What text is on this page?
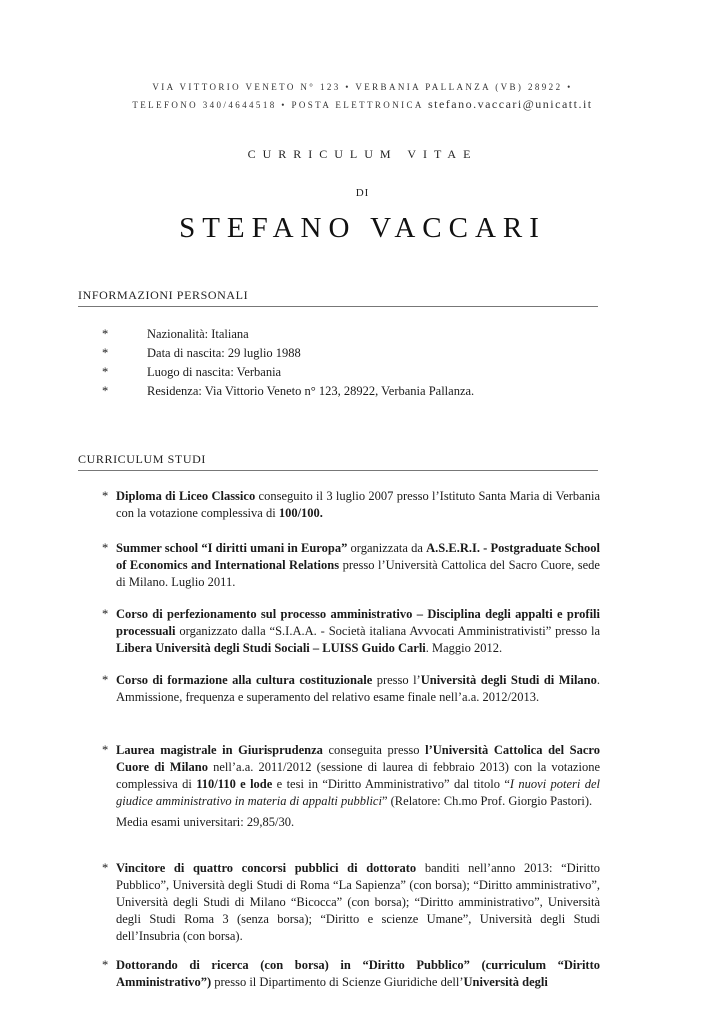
VIA VITTORIO VENETO N° 123 • VERBANIA PALLANZA (VB) 28922 •
TELEFONO 340/4644518 • POSTA ELETTRONICA stefano.vaccari@unicatt.it
CURRICULUM VITAE
DI
STEFANO VACCARI
INFORMAZIONI PERSONALI
*	Nazionalità: Italiana
*	Data di nascita: 29 luglio 1988
*	Luogo di nascita: Verbania
*	Residenza: Via Vittorio Veneto n° 123, 28922, Verbania Pallanza.
CURRICULUM STUDI
* Diploma di Liceo Classico conseguito il 3 luglio 2007 presso l’Istituto Santa Maria di Verbania con la votazione complessiva di 100/100.

* Summer school “I diritti umani in Europa” organizzata da A.S.E.R.I. - Postgraduate School of Economics and International Relations presso l’Università Cattolica del Sacro Cuore, sede di Milano. Luglio 2011.

* Corso di perfezionamento sul processo amministrativo – Disciplina degli appalti e profili processuali organizzato dalla “S.I.A.A. - Società italiana Avvocati Amministrativisti” presso la Libera Università degli Studi Sociali – LUISS Guido Carli. Maggio 2012.

* Corso di formazione alla cultura costituzionale presso l’Università degli Studi di Milano. Ammissione, frequenza e superamento del relativo esame finale nell’a.a. 2012/2013.

* Laurea magistrale in Giurisprudenza conseguita presso l’Università Cattolica del Sacro Cuore di Milano nell’a.a. 2011/2012 (sessione di laurea di febbraio 2013) con la votazione complessiva di 110/110 e lode e tesi in “Diritto Amministrativo” dal titolo “I nuovi poteri del giudice amministrativo in materia di appalti pubblici” (Relatore: Ch.mo Prof. Giorgio Pastori).

Media esami universitari: 29,85/30.

* Vincitore di quattro concorsi pubblici di dottorato banditi nell’anno 2013: “Diritto Pubblico”, Università degli Studi di Roma “La Sapienza” (con borsa); “Diritto amministrativo”, Università degli Studi di Milano “Bicocca” (con borsa); “Diritto amministrativo”, Università degli Studi Roma 3 (senza borsa); “Diritto e scienze Umane”, Università degli Studi dell’Insubria (con borsa).

* Dottorando di ricerca (con borsa) in “Diritto Pubblico” (curriculum “Diritto Amministrativo”) presso il Dipartimento di Scienze Giuridiche dell’Università degli
